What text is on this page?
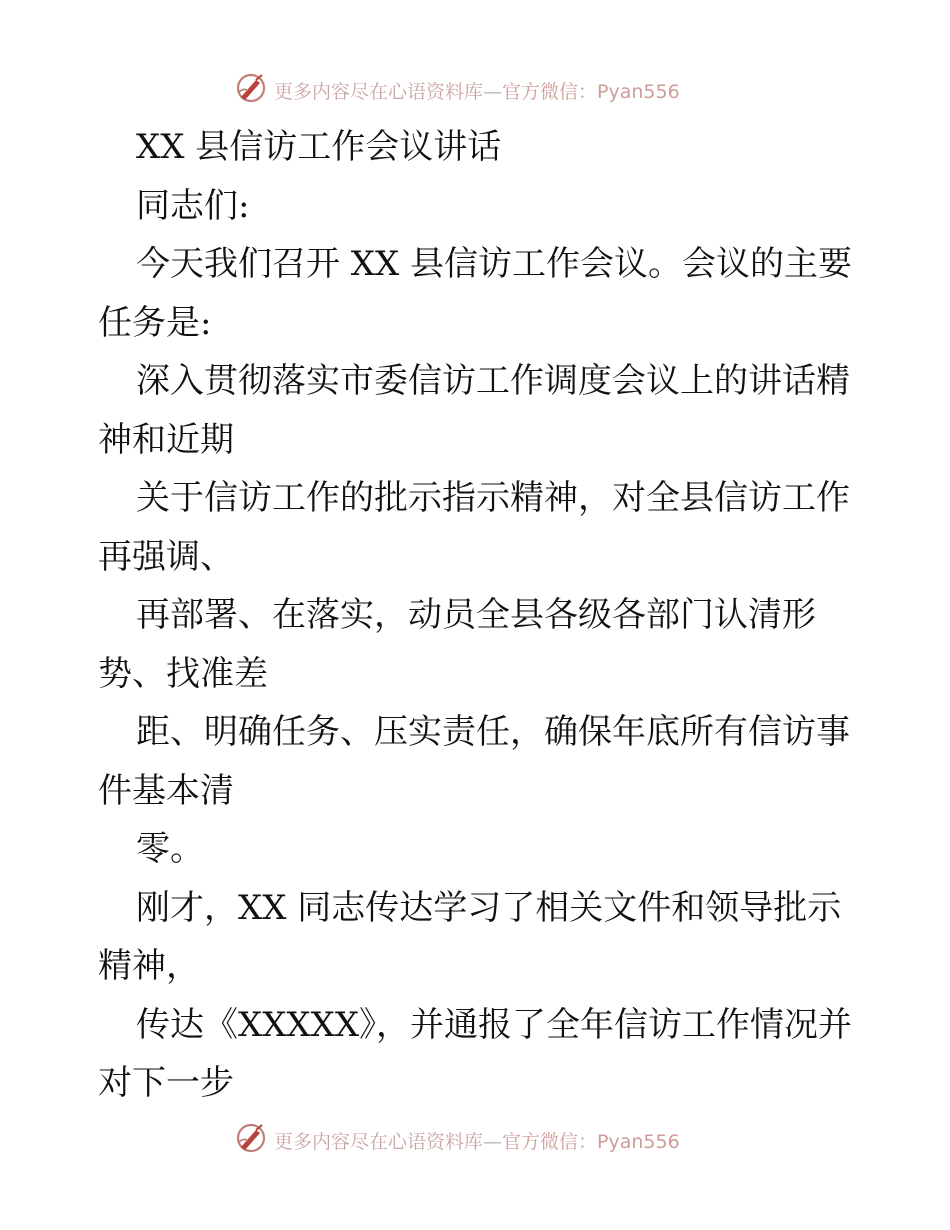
更多内容尽在心语资料库—官方微信：Pyan556
XX 县信访工作会议讲话
同志们:
今天我们召开 XX 县信访工作会议。会议的主要
任务是:
深入贯彻落实市委信访工作调度会议上的讲话精
神和近期
关于信访工作的批示指示精神，对全县信访工作
再强调、
再部署、在落实，动员全县各级各部门认清形
势、找准差
距、明确任务、压实责任，确保年底所有信访事
件基本清
零。
刚才，XX 同志传达学习了相关文件和领导批示
精神，
传达《XXXXX》，并通报了全年信访工作情况并
对下一步
更多内容尽在心语资料库—官方微信：Pyan556
